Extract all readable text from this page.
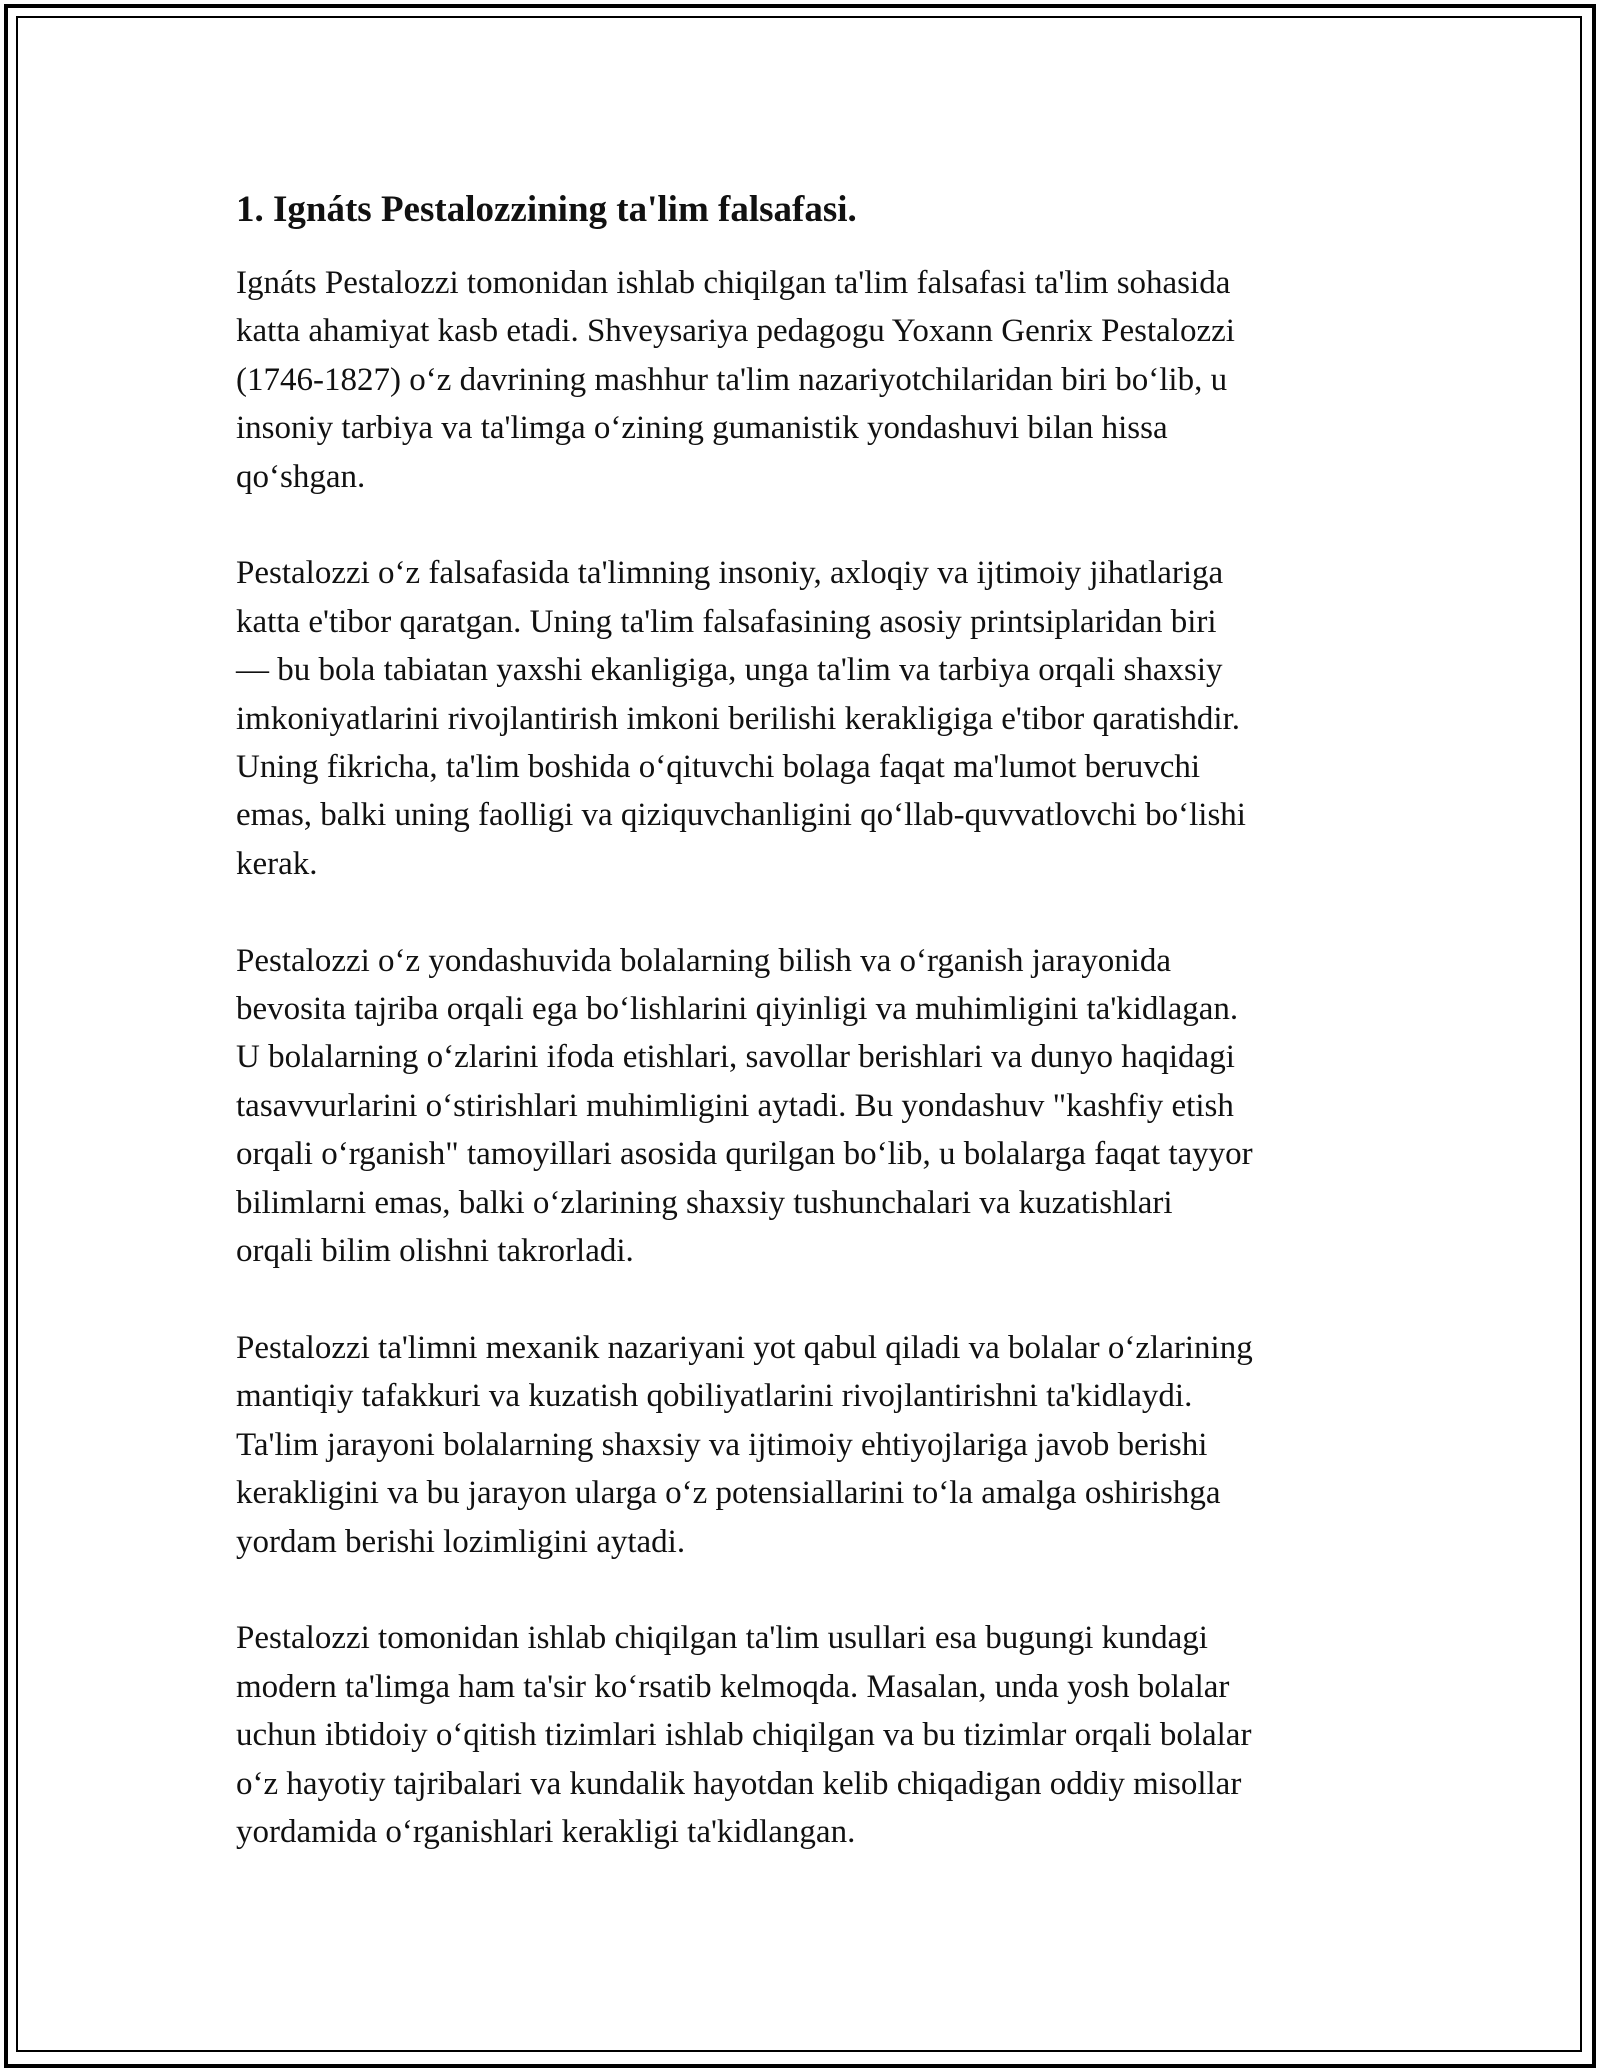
1. Ignáts Pestalozzining ta'lim falsafasi.

Ignáts Pestalozzi tomonidan ishlab chiqilgan ta'lim falsafasi ta'lim sohasida
katta ahamiyat kasb etadi. Shveysariya pedagogu Yoxann Genrix Pestalozzi
(1746-1827) o‘z davrining mashhur ta'lim nazariyotchilaridan biri bo‘lib, u
insoniy tarbiya va ta'limga o‘zining gumanistik yondashuvi bilan hissa
qo‘shgan.

Pestalozzi o‘z falsafasida ta'limning insoniy, axloqiy va ijtimoiy jihatlariga
katta e'tibor qaratgan. Uning ta'lim falsafasining asosiy printsiplaridan biri
— bu bola tabiatan yaxshi ekanligiga, unga ta'lim va tarbiya orqali shaxsiy
imkoniyatlarini rivojlantirish imkoni berilishi kerakligiga e'tibor qaratishdir.
Uning fikricha, ta'lim boshida o‘qituvchi bolaga faqat ma'lumot beruvchi
emas, balki uning faolligi va qiziquvchanligini qo‘llab-quvvatlovchi bo‘lishi
kerak.

Pestalozzi o‘z yondashuvida bolalarning bilish va o‘rganish jarayonida
bevosita tajriba orqali ega bo‘lishlarini qiyinligi va muhimligini ta'kidlagan.
U bolalarning o‘zlarini ifoda etishlari, savollar berishlari va dunyo haqidagi
tasavvurlarini o‘stirishlari muhimligini aytadi. Bu yondashuv "kashfiy etish
orqali o‘rganish" tamoyillari asosida qurilgan bo‘lib, u bolalarga faqat tayyor
bilimlarni emas, balki o‘zlarining shaxsiy tushunchalari va kuzatishlari
orqali bilim olishni takrorladi.

Pestalozzi ta'limni mexanik nazariyani yot qabul qiladi va bolalar o‘zlarining
mantiqiy tafakkuri va kuzatish qobiliyatlarini rivojlantirishni ta'kidlaydi.
Ta'lim jarayoni bolalarning shaxsiy va ijtimoiy ehtiyojlariga javob berishi
kerakligini va bu jarayon ularga o‘z potensiallarini to‘la amalga oshirishga
yordam berishi lozimligini aytadi.

Pestalozzi tomonidan ishlab chiqilgan ta'lim usullari esa bugungi kundagi
modern ta'limga ham ta'sir ko‘rsatib kelmoqda. Masalan, unda yosh bolalar
uchun ibtidoiy o‘qitish tizimlari ishlab chiqilgan va bu tizimlar orqali bolalar
o‘z hayotiy tajribalari va kundalik hayotdan kelib chiqadigan oddiy misollar
yordamida o‘rganishlari kerakligi ta'kidlangan.
